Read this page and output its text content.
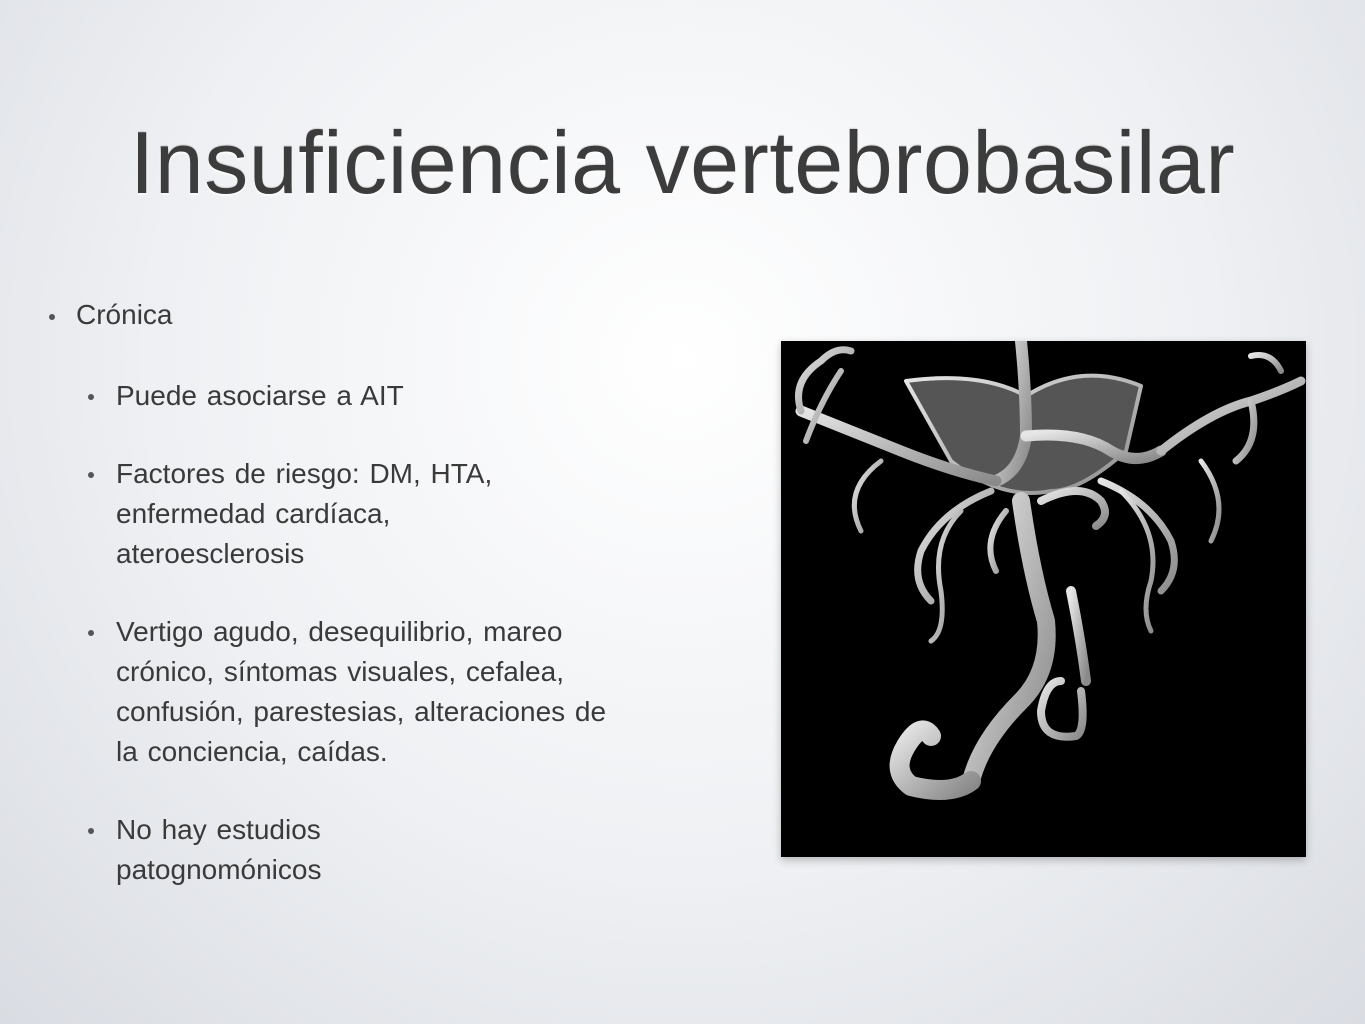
Insuficiencia vertebrobasilar
Crónica
Puede asociarse a AIT
Factores de riesgo: DM, HTA, enfermedad cardíaca, ateroesclerosis
Vertigo agudo, desequilibrio, mareo crónico, síntomas visuales, cefalea, confusión, parestesias, alteraciones de la conciencia, caídas.
No hay estudios patognomónicos
